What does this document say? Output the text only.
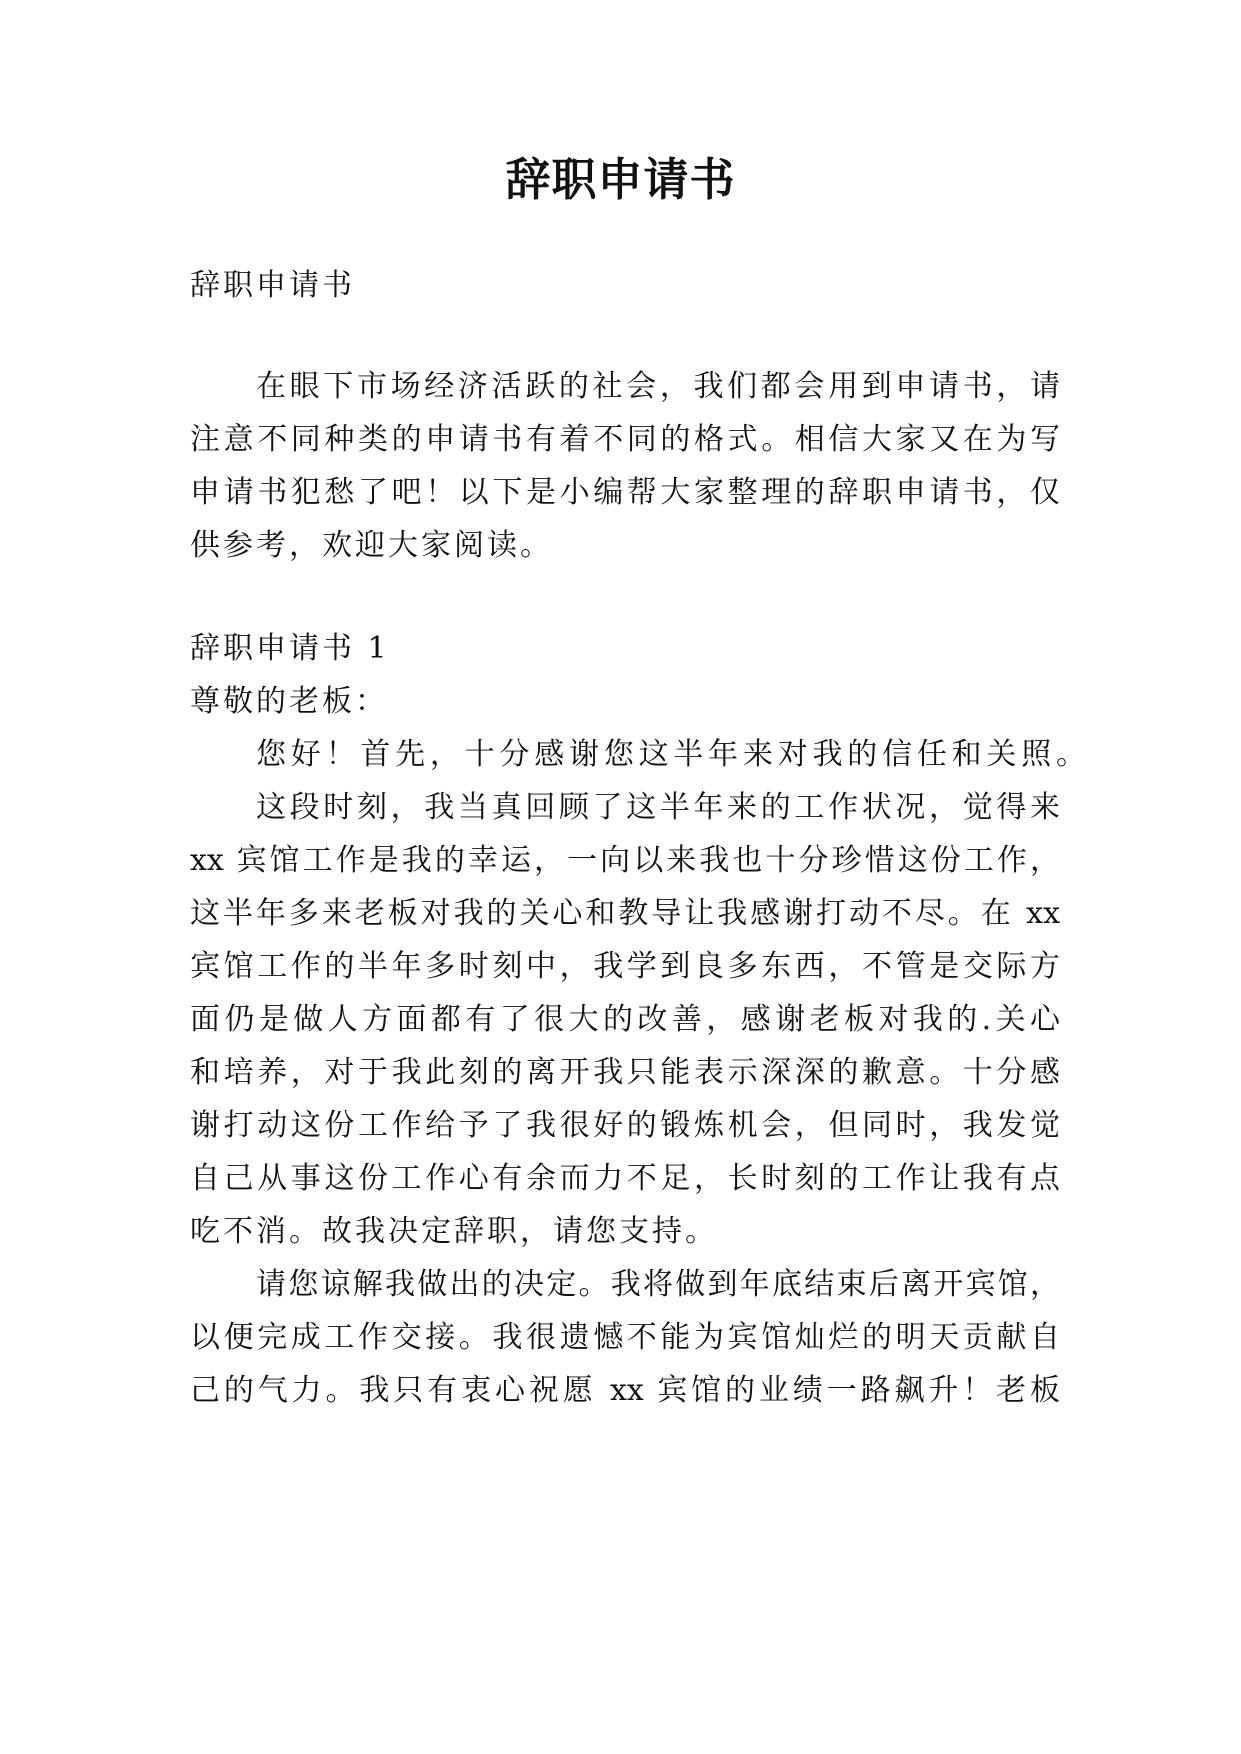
辞职申请书
辞职申请书
在眼下市场经济活跃的社会，我们都会用到申请书，请
注意不同种类的申请书有着不同的格式。相信大家又在为写
申请书犯愁了吧！以下是小编帮大家整理的辞职申请书，仅
供参考，欢迎大家阅读。
辞职申请书 1
尊敬的老板：
您好！首先，十分感谢您这半年来对我的信任和关照。
这段时刻，我当真回顾了这半年来的工作状况，觉得来
xx 宾馆工作是我的幸运，一向以来我也十分珍惜这份工作，
这半年多来老板对我的关心和教导让我感谢打动不尽。在 xx
宾馆工作的半年多时刻中，我学到良多东西，不管是交际方
面仍是做人方面都有了很大的改善，感谢老板对我的.关心
和培养，对于我此刻的离开我只能表示深深的歉意。十分感
谢打动这份工作给予了我很好的锻炼机会，但同时，我发觉
自己从事这份工作心有余而力不足，长时刻的工作让我有点
吃不消。故我决定辞职，请您支持。
请您谅解我做出的决定。我将做到年底结束后离开宾馆，
以便完成工作交接。我很遗憾不能为宾馆灿烂的明天贡献自
己的气力。我只有衷心祝愿 xx 宾馆的业绩一路飙升！老板
